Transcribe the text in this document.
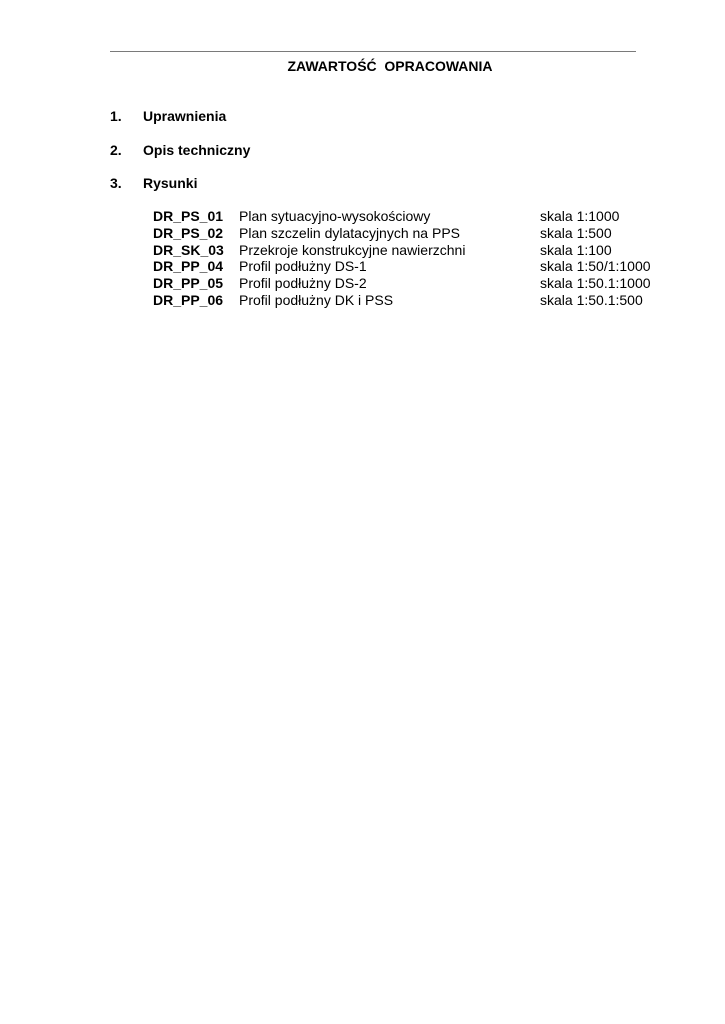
ZAWARTOŚĆ  OPRACOWANIA
1. Uprawnienia
2. Opis techniczny
3. Rysunki
DR_PS_01 Plan sytuacyjno-wysokościowy	skala 1:1000
DR_PS_02 Plan szczelin dylatacyjnych na PPS	skala 1:500
DR_SK_03 Przekroje konstrukcyjne nawierzchni	skala 1:100
DR_PP_04 Profil podłużny DS-1	skala 1:50/1:1000
DR_PP_05 Profil podłużny DS-2	skala 1:50.1:1000
DR_PP_06 Profil podłużny DK i PSS	skala 1:50.1:500
